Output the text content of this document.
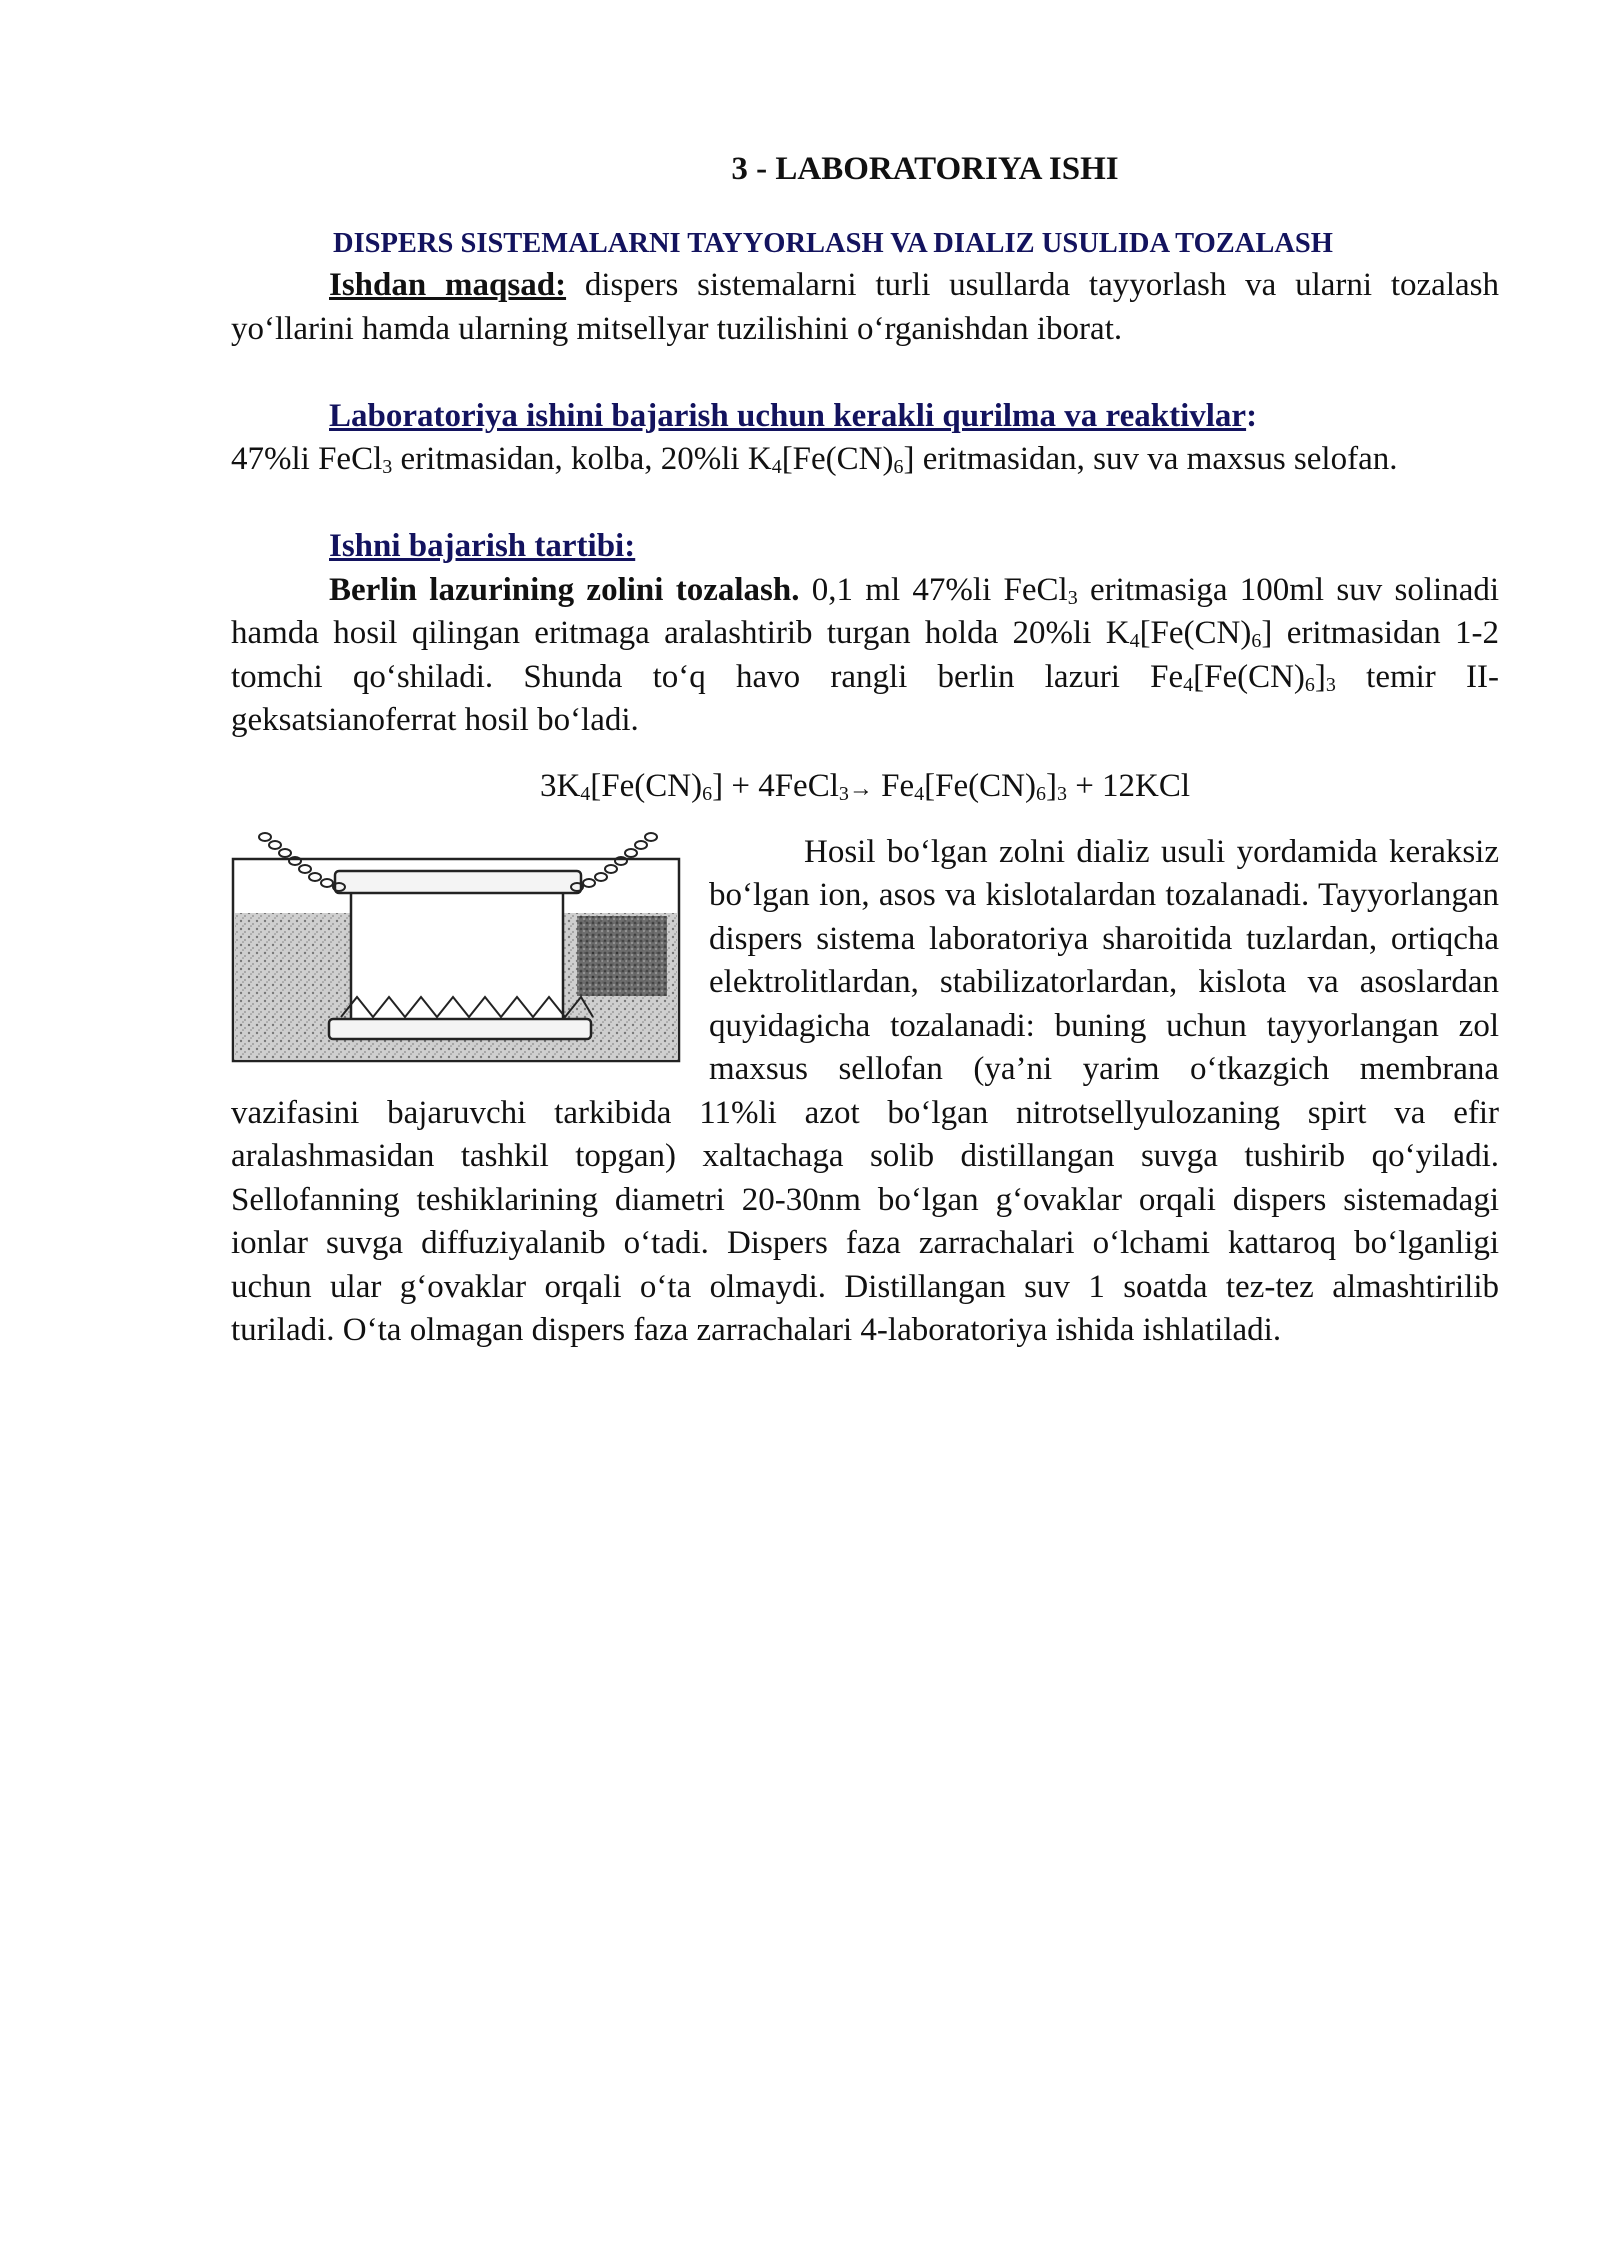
3 - LABORATORIYA ISHI
DISPERS SISTEMALARNI TAYYORLASH VA DIALIZ USULIDA TOZALASH

Ishdan maqsad: dispers sistemalarni turli usullarda tayyorlash va ularni tozalash yo‘llarini hamda ularning mitsellyar tuzilishini o‘rganishdan iborat.

Laboratoriya ishini bajarish uchun kerakli qurilma va reaktivlar:

47%li FeCl$_3$ eritmasidan, kolba, 20%li $K_4[Fe(CN)_6]$ eritmasidan, suv va maxsus selofan.

Ishni bajarish tartibi:

Berlin lazurining zolini tozalash. 0,1 ml 47%li FeCl$_3$ eritmasiga 100ml suv solinadi hamda hosil qilingan eritmaga aralashtirib turgan holda 20%li $K_4[Fe(CN)_6]$ eritmasidan 1-2 tomchi qo‘shiladi. Shunda to‘q havo rangli berlin lazuri $Fe_4[Fe(CN)_6]_3$ temir II-geksatsianoferrat hosil bo‘ladi.

$3K_4[Fe(CN)_6]$ + 4FeCl$_3$→ $Fe_4[Fe(CN)_6]_3 + 12KCl$

Hosil bo‘lgan zolni dializ usuli yordamida keraksiz bo‘lgan ion, asos va kislotalardan tozalanadi. Tayyorlangan dispers sistema laboratoriya sharoitida tuzlardan, ortiqcha elektrolitlardan, stabilizatorlardan, kislota va asoslardan quyidagicha tozalanadi: buning uchun tayyorlangan zol maxsus sellofan (ya’ni yarim o‘tkazgich membrana vazifasini bajaruvchi tarkibida 11%li azot bo‘lgan nitrotsellyulozaning spirt va efir aralashmasidan tashkil topgan) xaltachaga solib distillangan suvga tushirib qo‘yiladi. Sellofanning teshiklarining diametri 20-30nm bo‘lgan g‘ovaklar orqali dispers sistemadagi ionlar suvga diffuziyalanib o‘tadi. Dispers faza zarrachalari o‘lchami kattaroq bo‘lganligi uchun ular g‘ovaklar orqali o‘ta olmaydi. Distillangan suv 1 soatda tez-tez almashtirilib turiladi. O‘ta olmagan dispers faza zarrachalari 4-laboratoriya ishida ishlatiladi.
